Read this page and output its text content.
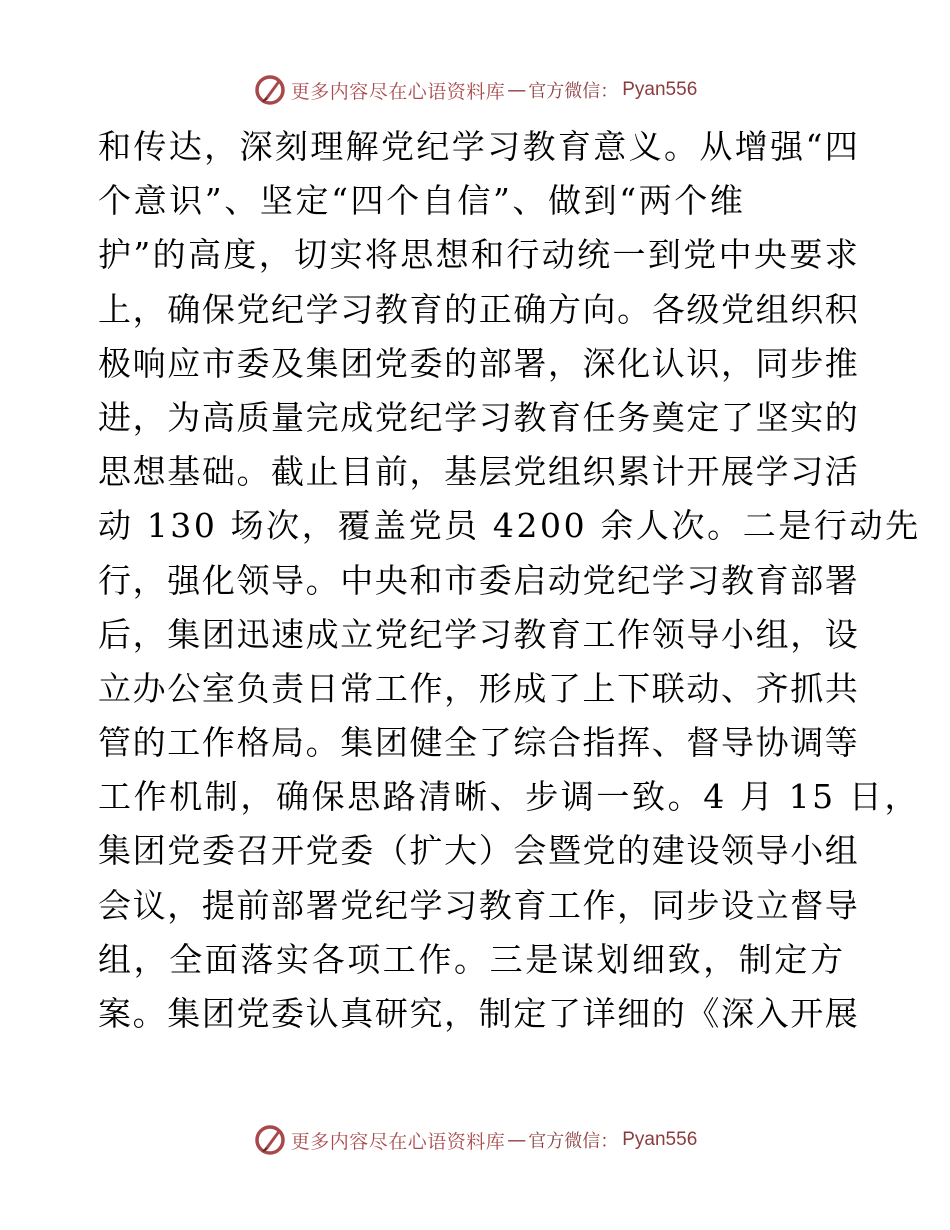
更多内容尽在心语资料库 — 官方微信： Pyan556
和 传 达 ， 深 刻 理 解 党 纪 学 习 教 育 意 义 。 从 增 强 “ 四
个意识”、坚定“四个自信”、做到“两个维
护 ” 的 高 度 ， 切 实 将 思 想 和 行 动 统 一 到 党 中 央 要 求
上 ， 确 保 党 纪 学 习 教 育 的 正 确 方 向 。 各 级 党 组 织 积
极 响 应 市 委 及 集 团 党 委 的 部 署 ， 深 化 认 识 ， 同 步 推
进 ， 为 高 质 量 完 成 党 纪 学 习 教 育 任 务 奠 定 了 坚 实 的
思 想 基 础 。 截 止 目 前 ， 基 层 党 组 织 累 计 开 展 学 习 活
动 130 场次，覆盖党员 4200 余人次。二是行动先
行 ， 强 化 领 导 。 中 央 和 市 委 启 动 党 纪 学 习 教 育 部 署
后 ， 集 团 迅 速 成 立 党 纪 学 习 教 育 工 作 领 导 小 组 ， 设
立 办 公 室 负 责 日 常 工 作 ， 形 成 了 上 下 联 动 、 齐 抓 共
管 的 工 作 格 局 。 集 团 健 全 了 综 合 指 挥 、 督 导 协 调 等
工作机制，确保思路清晰、步调一致。4 月 15 日，
集 团 党 委 召 开 党 委 （ 扩 大 ） 会 暨 党 的 建 设 领 导 小 组
会 议 ， 提 前 部 署 党 纪 学 习 教 育 工 作 ， 同 步 设 立 督 导
组，全面落实各项工作。三是谋划细致，制定方
案 。 集 团 党 委 认 真 研 究 ， 制 定 了 详 细 的 《 深 入 开 展
更多内容尽在心语资料库 — 官方微信： Pyan556
